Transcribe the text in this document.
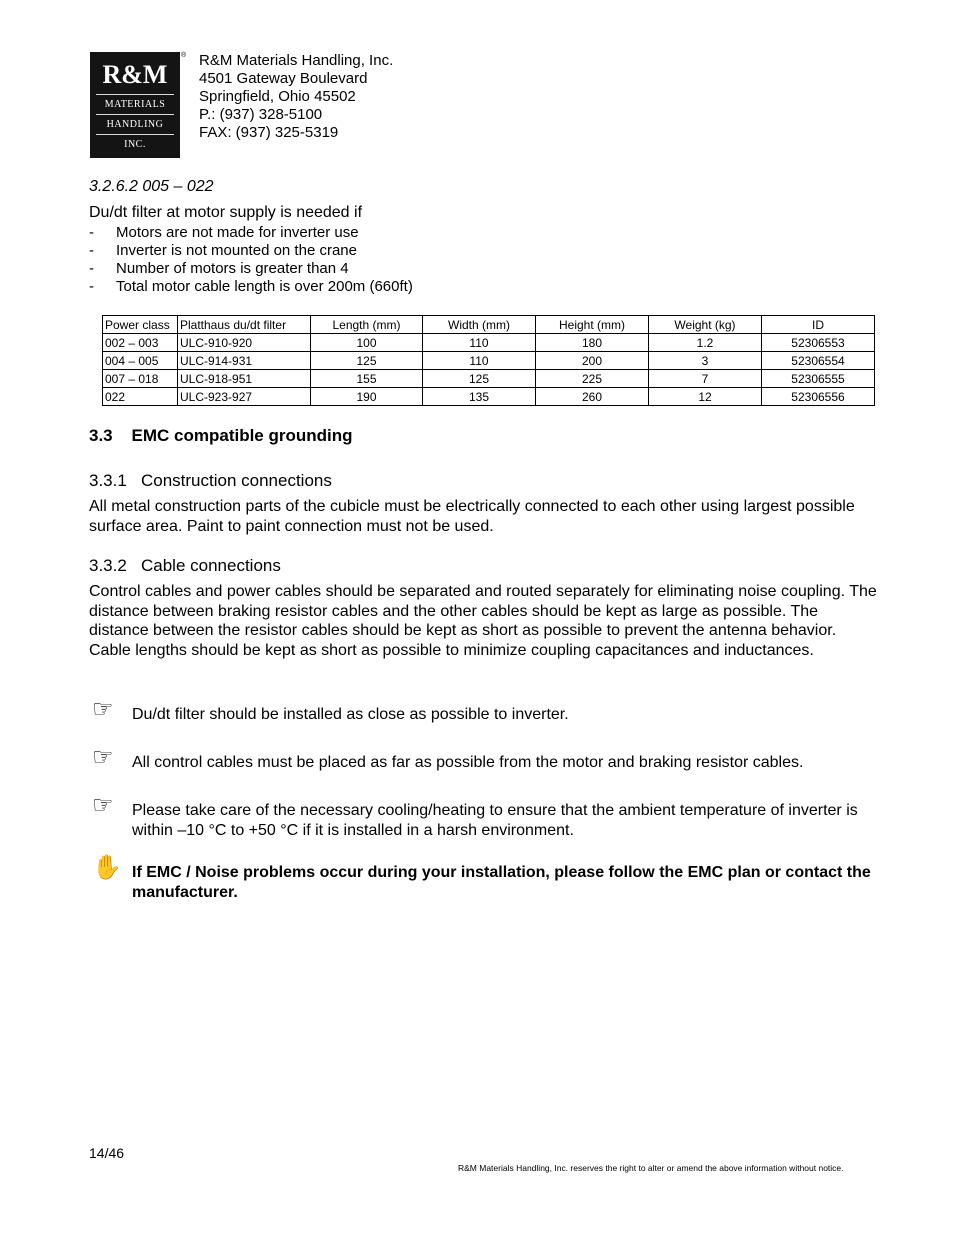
R&M
MATERIALS
HANDLING
INC.
® R&M Materials Handling, Inc.
4501 Gateway Boulevard
Springfield, Ohio 45502
P.: (937) 328-5100
FAX: (937) 325-5319
3.2.6.2 005 – 022
Du/dt filter at motor supply is needed if
- Motors are not made for inverter use
- Inverter is not mounted on the crane
- Number of motors is greater than 4
- Total motor cable length is over 200m (660ft)
Power class	Platthaus du/dt filter	Length (mm)	Width (mm)	Height (mm)	Weight (kg)	ID
002 – 003	ULC-910-920	100	110	180	1.2	52306553
004 – 005	ULC-914-931	125	110	200	3	52306554
007 – 018	ULC-918-951	155	125	225	7	52306555
022	ULC-923-927	190	135	260	12	52306556
3.3    EMC compatible grounding
3.3.1   Construction connections
All metal construction parts of the cubicle must be electrically connected to each other using largest possible surface area. Paint to paint connection must not be used.
3.3.2   Cable connections
Control cables and power cables should be separated and routed separately for eliminating noise coupling. The distance between braking resistor cables and the other cables should be kept as large as possible. The distance between the resistor cables should be kept as short as possible to prevent the antenna behavior. Cable lengths should be kept as short as possible to minimize coupling capacitances and inductances.
☞ Du/dt filter should be installed as close as possible to inverter.
☞ All control cables must be placed as far as possible from the motor and braking resistor cables.
☞ Please take care of the necessary cooling/heating to ensure that the ambient temperature of inverter is within –10 °C to +50 °C if it is installed in a harsh environment.
✋ If EMC / Noise problems occur during your installation, please follow the EMC plan or contact the manufacturer.
14/46
R&M Materials Handling, Inc. reserves the right to alter or amend the above information without notice.
